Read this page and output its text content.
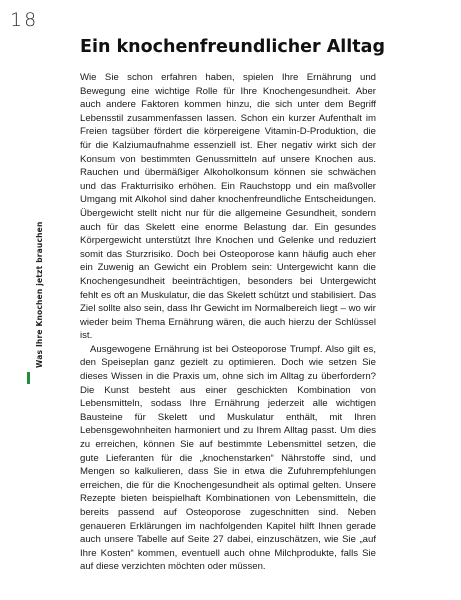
18
Was Ihre Knochen jetzt brauchen
Ein knochenfreundlicher Alltag

Wie Sie schon erfahren haben, spielen Ihre Ernährung und Bewegung eine wichtige Rolle für Ihre Knochengesundheit. Aber auch andere Faktoren kommen hinzu, die sich unter dem Begriff Lebensstil zusammenfassen lassen. Schon ein kurzer Aufenthalt im Freien tagsüber fördert die körpereigene Vitamin-D-Produktion, die für die Kalziumaufnahme essenziell ist. Eher negativ wirkt sich der Konsum von bestimmten Genussmitteln auf unsere Knochen aus. Rauchen und übermäßiger Alkoholkonsum können sie schwächen und das Frakturrisiko erhöhen. Ein Rauchstopp und ein maßvoller Umgang mit Alkohol sind daher knochenfreundliche Entscheidungen. Übergewicht stellt nicht nur für die allgemeine Gesundheit, sondern auch für das Skelett eine enorme Belastung dar. Ein gesundes Körpergewicht unterstützt Ihre Knochen und Gelenke und reduziert somit das Sturzrisiko. Doch bei Osteoporose kann häufig auch eher ein Zuwenig an Gewicht ein Problem sein: Untergewicht kann die Knochengesundheit beeinträchtigen, besonders bei Untergewicht fehlt es oft an Muskulatur, die das Skelett schützt und stabilisiert. Das Ziel sollte also sein, dass Ihr Gewicht im Normalbereich liegt – wo wir wieder beim Thema Ernährung wären, die auch hierzu der Schlüssel ist.

Ausgewogene Ernährung ist bei Osteoporose Trumpf. Also gilt es, den Speiseplan ganz gezielt zu optimieren. Doch wie setzen Sie dieses Wissen in die Praxis um, ohne sich im Alltag zu überfordern? Die Kunst besteht aus einer geschickten Kombination von Lebensmitteln, sodass Ihre Ernährung jederzeit alle wichtigen Bausteine für Skelett und Muskulatur enthält, mit Ihren Lebensgewohnheiten harmoniert und zu Ihrem Alltag passt. Um dies zu erreichen, können Sie auf bestimmte Lebensmittel setzen, die gute Lieferanten für die „knochenstarken“ Nährstoffe sind, und Mengen so kalkulieren, dass Sie in etwa die Zufuhrempfehlungen erreichen, die für die Knochengesundheit als optimal gelten. Unsere Rezepte bieten beispielhaft Kombinationen von Lebensmitteln, die bereits passend auf Osteoporose zugeschnitten sind. Neben genaueren Erklärungen im nachfolgenden Kapitel hilft Ihnen gerade auch unsere Tabelle auf Seite 27 dabei, einzuschätzen, wie Sie „auf Ihre Kosten“ kommen, eventuell auch ohne Milchprodukte, falls Sie auf diese verzichten möchten oder müssen.
